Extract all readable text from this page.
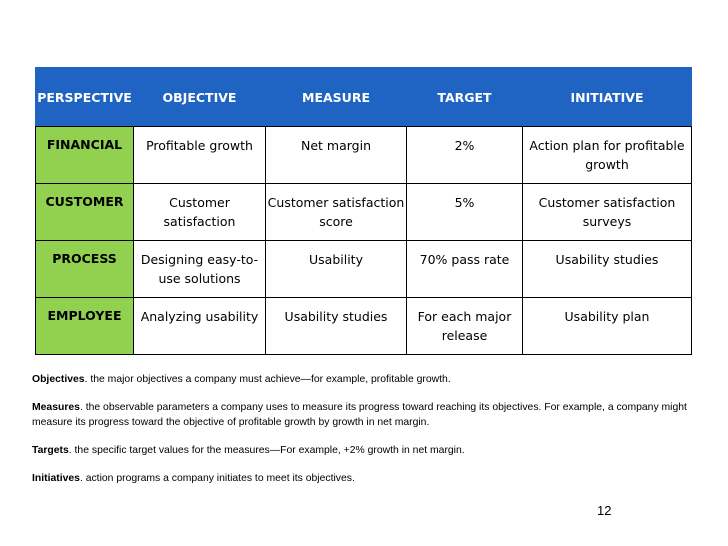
PERSPECTIVE	OBJECTIVE	MEASURE	TARGET	INITIATIVE
FINANCIAL	Profitable growth	Net margin	2%	Action plan for profitable growth
CUSTOMER	Customer satisfaction	Customer satisfaction score	5%	Customer satisfaction surveys
PROCESS	Designing easy-to-use solutions	Usability	70% pass rate	Usability studies
EMPLOYEE	Analyzing usability	Usability studies	For each major release	Usability plan

Objectives. the major objectives a company must achieve—for example, profitable growth.

Measures. the observable parameters a company uses to measure its progress toward reaching its objectives. For example, a company might measure its progress toward the objective of profitable growth by growth in net margin.

Targets. the specific target values for the measures—For example, +2% growth in net margin.

Initiatives. action programs a company initiates to meet its objectives.

12
